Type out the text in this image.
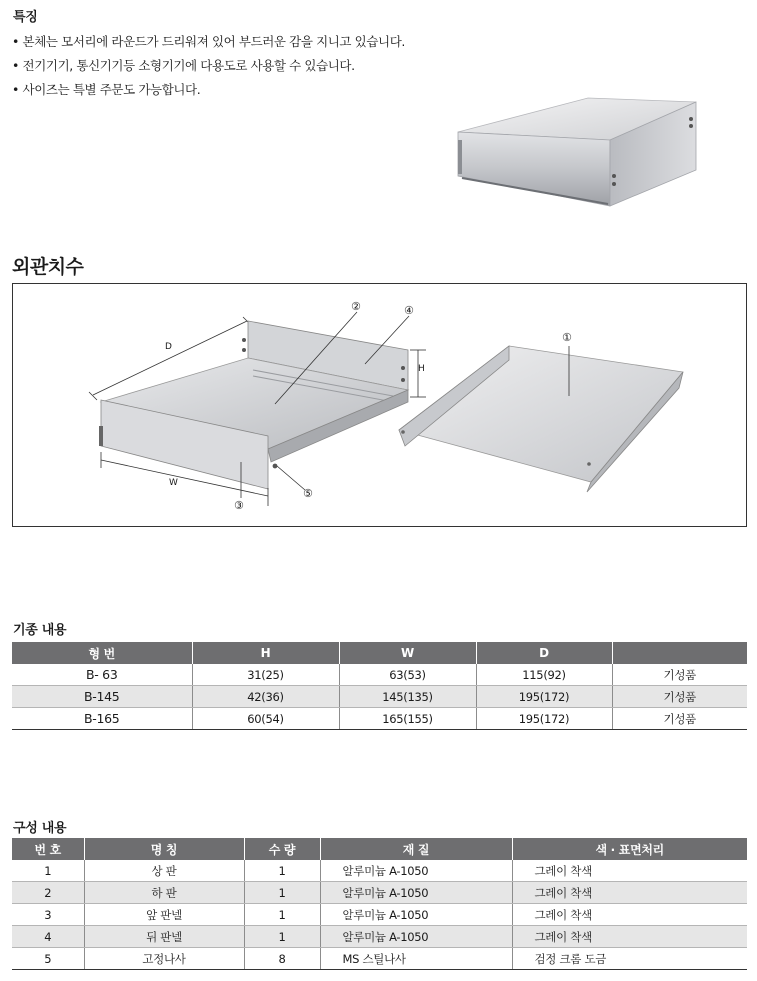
특징
• 본체는 모서리에 라운드가 드리워져 있어 부드러운 감을 지니고 있습니다.
• 전기기기, 통신기기등 소형기기에 다용도로 사용할 수 있습니다.
• 사이즈는 특별 주문도 가능합니다.
외관치수
D
H
W
①
②
③
④
⑤
기종 내용
형 번	H	W	D	
B- 63	31(25)	63(53)	115(92)	기성품
B-145	42(36)	145(135)	195(172)	기성품
B-165	60(54)	165(155)	195(172)	기성품
구성 내용
번 호	명 칭	수 량	재 질	색 · 표면처리
1	상 판	1	알루미늄 A-1050	그레이 착색
2	하 판	1	알루미늄 A-1050	그레이 착색
3	앞 판넬	1	알루미늄 A-1050	그레이 착색
4	뒤 판넬	1	알루미늄 A-1050	그레이 착색
5	고정나사	8	MS 스틸나사	검정 크롬 도금
